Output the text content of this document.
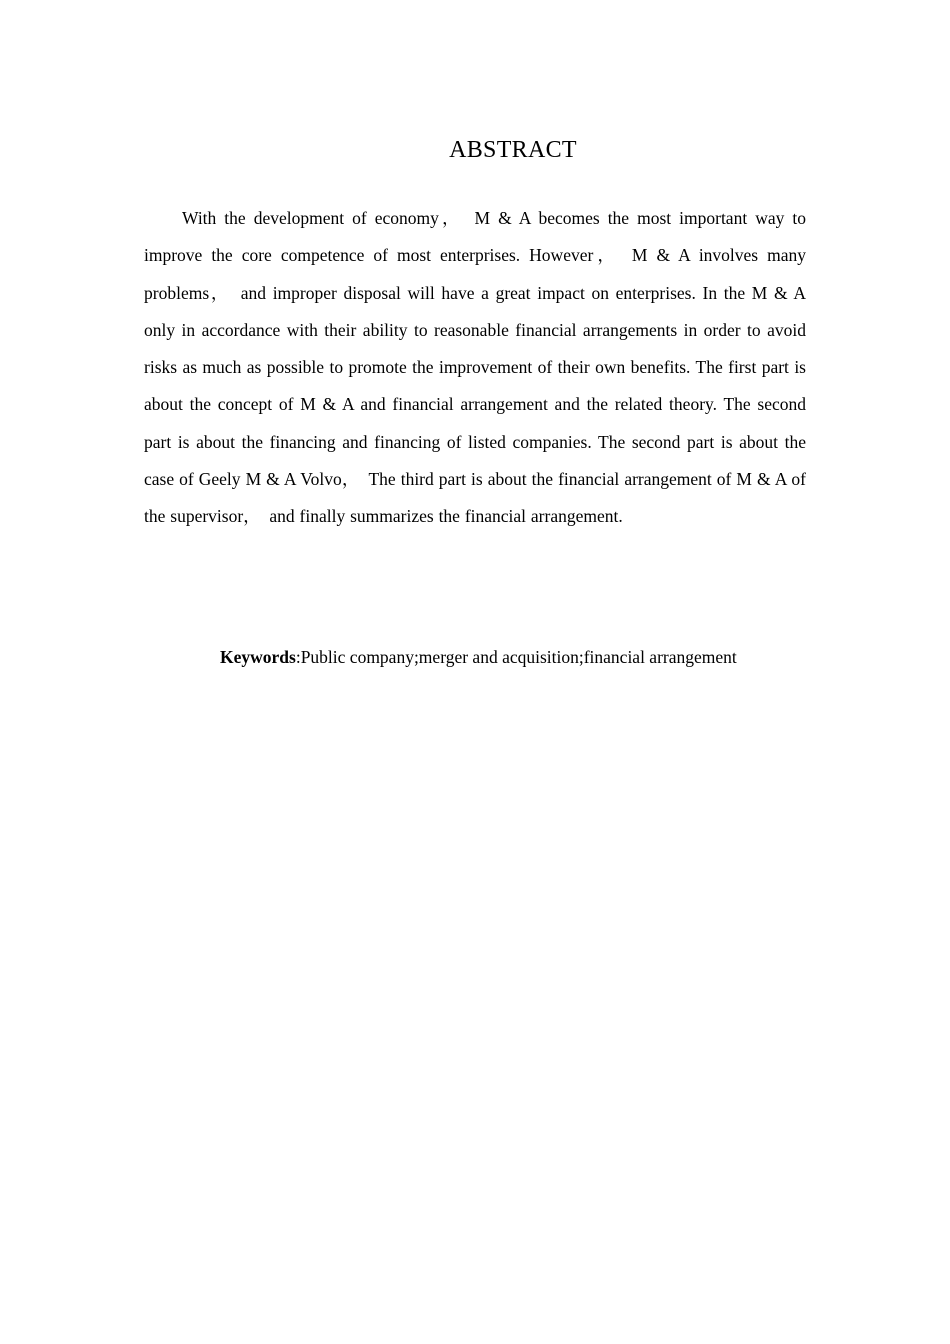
ABSTRACT

With the development of economy，　M & A becomes the most important way to improve the core competence of most enterprises. However，　M & A involves many problems，　and improper disposal will have a great impact on enterprises. In the M & A only in accordance with their ability to reasonable financial arrangements in order to avoid risks as much as possible to promote the improvement of their own benefits. The first part is about the concept of M & A and financial arrangement and the related theory. The second part is about the financing and financing of listed companies. The second part is about the case of Geely M & A Volvo，　The third part is about the financial arrangement of M & A of the supervisor，　and finally summarizes the financial arrangement.

Keywords:Public company;merger and acquisition;financial arrangement
